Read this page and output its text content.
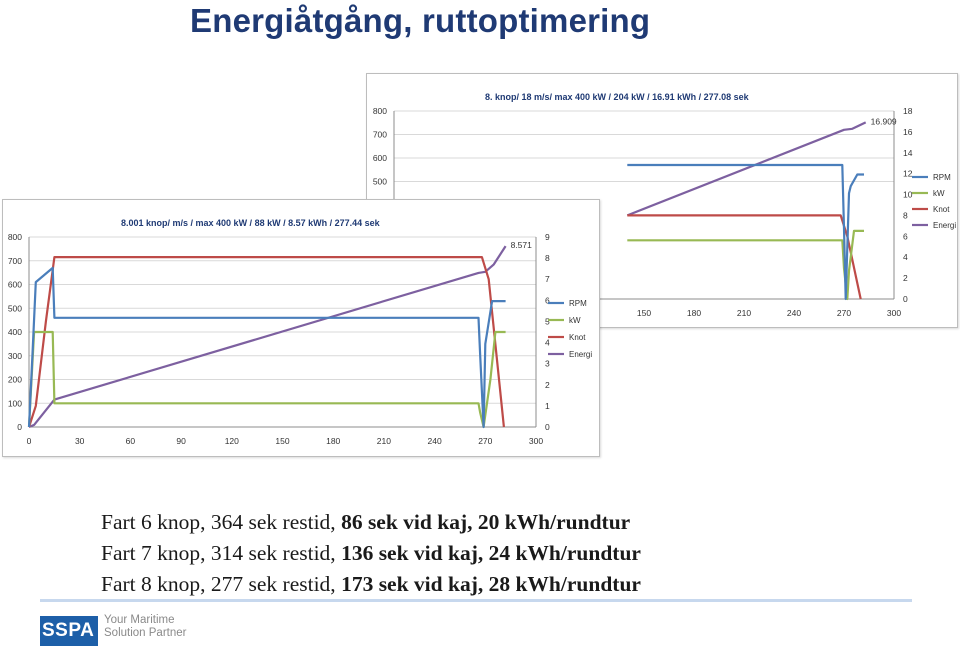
Energiåtgång, ruttoptimering
8. knop/ 18 m/s/ max 400 kW / 204 kW / 16.91 kWh / 277.08 sek
500
600
700
800
0
2
4
6
8
10
12
14
16
18
150	180	210	240	270	300
16.909
RPM
kW
Knot
Energi
8.001 knop/ m/s / max 400 kW / 88 kW / 8.57 kWh / 277.44 sek
0
100
200
300
400
500
600
700
800
0
1
2
3
4
5
6
7
8
9
0	30	60	90	120	150	180	210	240	270	300
8.571
RPM
kW
Knot
Energi
Fart 6 knop, 364 sek restid, 86 sek vid kaj, 20 kWh/rundtur
Fart 7 knop, 314 sek restid, 136 sek vid kaj, 24 kWh/rundtur
Fart 8 knop, 277 sek restid, 173 sek vid kaj, 28 kWh/rundtur
SSPA Your Maritime
Solution Partner
